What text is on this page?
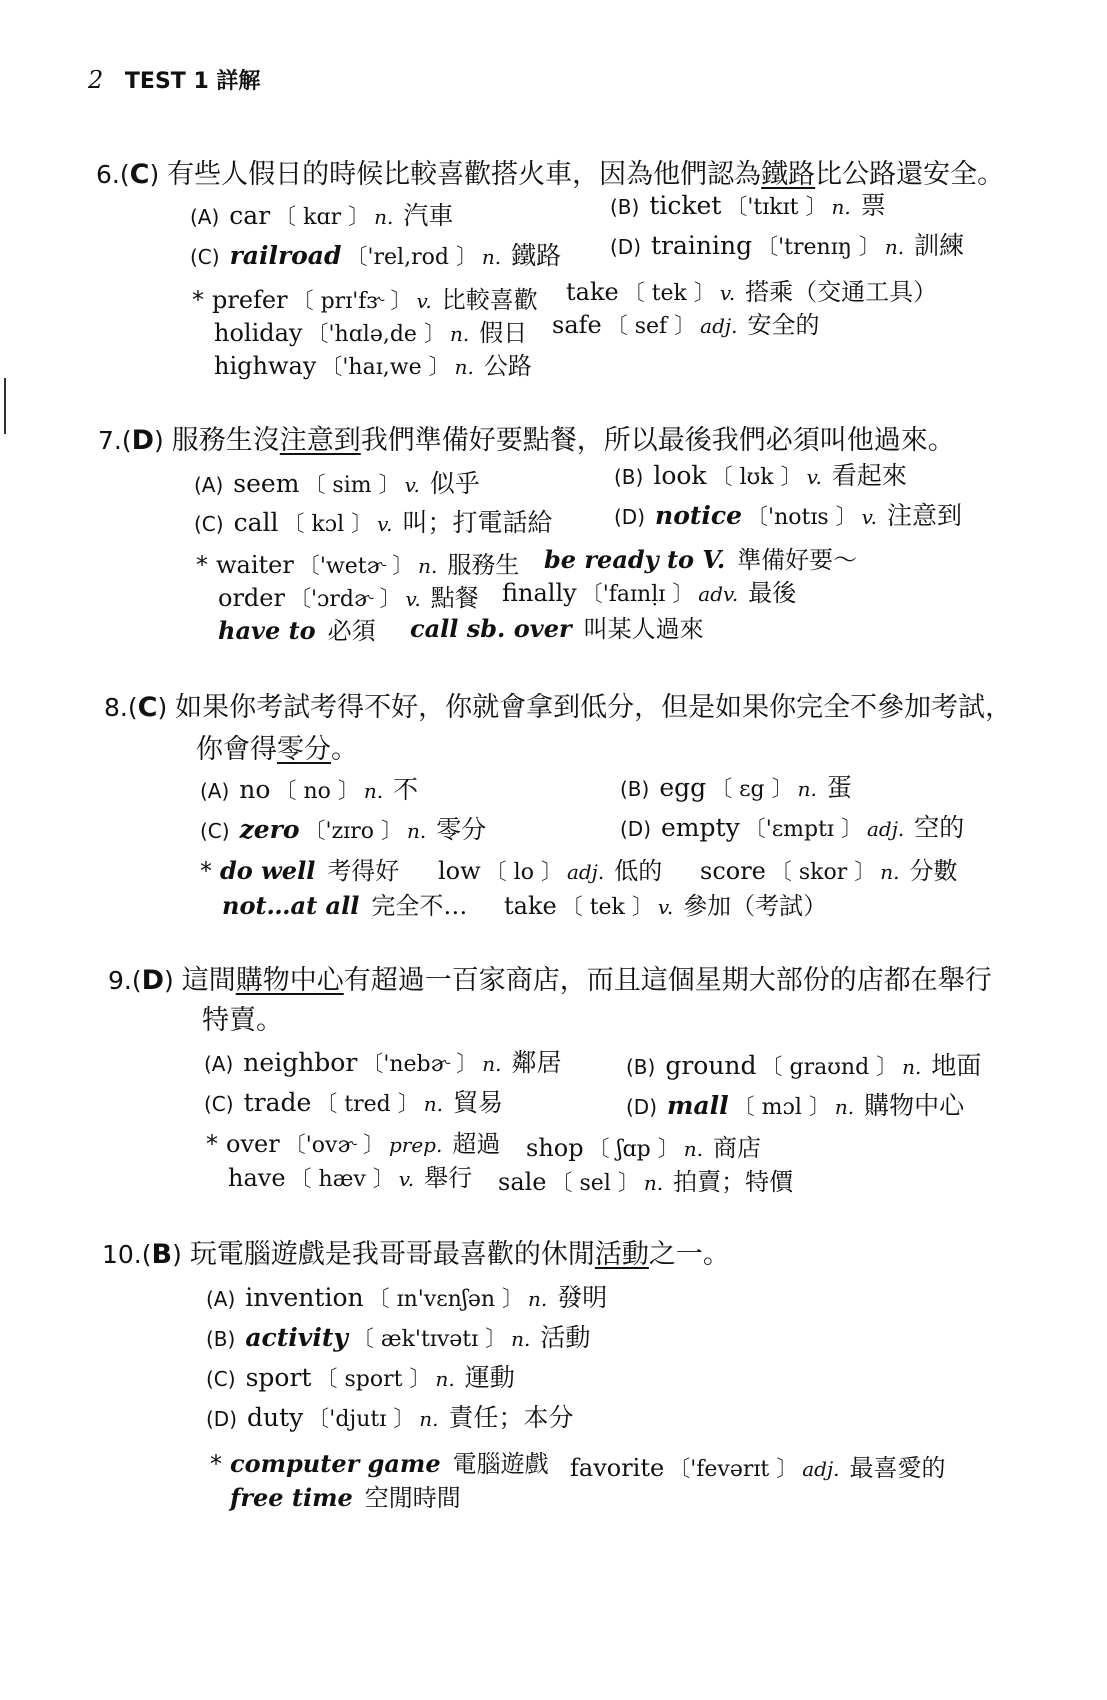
2 TEST 1 詳解
6.(C) 有些人假日的時候比較喜歡搭火車，因為他們認為鐵路比公路還安全。
(A) car 〔 kɑr 〕 n. 汽車	(B) ticket 〔'tɪkɪt 〕 n. 票
(C) railroad 〔'rel,rod 〕 n. 鐵路 (D) training 〔'trenɪŋ 〕 n. 訓練
* prefer 〔 prɪ'fɝ 〕 v. 比較喜歡 take 〔 tek 〕 v. 搭乘（交通工具）
holiday 〔'hɑlə,de 〕 n. 假日 safe 〔 sef 〕 adj. 安全的
highway 〔'haɪ,we 〕 n. 公路
7.(D) 服務生沒注意到我們準備好要點餐，所以最後我們必須叫他過來。
(A) seem 〔 sim 〕 v. 似乎	(B) look 〔 lʊk 〕 v. 看起來
(C) call 〔 kɔl 〕 v. 叫；打電話給	(D) notice 〔'notɪs 〕 v. 注意到
* waiter 〔'wetɚ 〕 n. 服務生 be ready to V. 準備好要～
order 〔'ɔrdɚ 〕 v. 點餐 finally 〔'faɪnḷɪ 〕 adv. 最後
have to 必須 call sb. over 叫某人過來
8.(C) 如果你考試考得不好，你就會拿到低分，但是如果你完全不參加考試，
你會得零分。
(A) no 〔 no 〕 n. 不	(B) egg 〔 ɛg 〕 n. 蛋
(C) zero 〔'zɪro 〕 n. 零分	(D) empty 〔'ɛmptɪ 〕 adj. 空的
* do well 考得好 low 〔 lo 〕 adj. 低的 score 〔 skor 〕 n. 分數
not…at all 完全不… take 〔 tek 〕 v. 參加（考試）
9.(D) 這間購物中心有超過一百家商店，而且這個星期大部份的店都在舉行
特賣。
(A) neighbor 〔'nebɚ 〕 n. 鄰居	(B) ground 〔 graʊnd 〕 n. 地面
(C) trade 〔 tred 〕 n. 貿易	(D) mall 〔 mɔl 〕 n. 購物中心
* over 〔'ovɚ 〕 prep. 超過 shop 〔 ʃɑp 〕 n. 商店
have 〔 hæv 〕 v. 舉行 sale 〔 sel 〕 n. 拍賣；特價
10.(B) 玩電腦遊戲是我哥哥最喜歡的休閒活動之一。
(A) invention 〔 ɪn'vɛnʃən 〕 n. 發明
(B) activity 〔 æk'tɪvətɪ 〕 n. 活動
(C) sport 〔 sport 〕 n. 運動
(D) duty 〔'djutɪ 〕 n. 責任；本分
* computer game 電腦遊戲 favorite 〔'fevərɪt 〕 adj. 最喜愛的
free time 空閒時間
